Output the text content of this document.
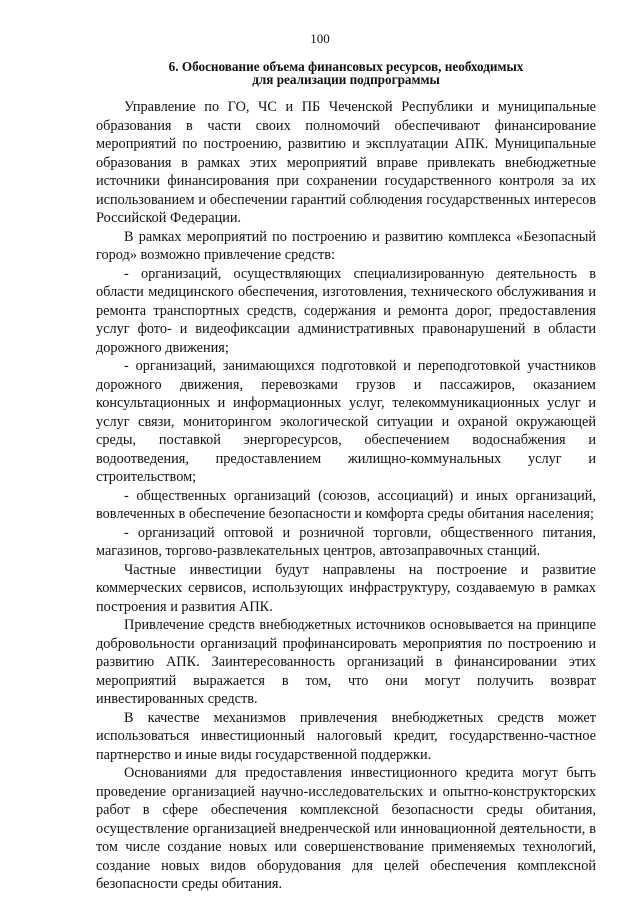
100
6. Обоснование объема финансовых ресурсов, необходимых
для реализации подпрограммы

Управление по ГО, ЧС и ПБ Чеченской Республики и муниципальные образования в части своих полномочий обеспечивают финансирование мероприятий по построению, развитию и эксплуатации АПК. Муниципальные образования в рамках этих мероприятий вправе привлекать внебюджетные источники финансирования при сохранении государственного контроля за их использованием и обеспечении гарантий соблюдения государственных интересов Российской Федерации.

В рамках мероприятий по построению и развитию комплекса «Безопасный город» возможно привлечение средств:

- организаций, осуществляющих специализированную деятельность в области медицинского обеспечения, изготовления, технического обслуживания и ремонта транспортных средств, содержания и ремонта дорог, предоставления услуг фото- и видеофиксации административных правонарушений в области дорожного движения;

- организаций, занимающихся подготовкой и переподготовкой участников дорожного движения, перевозками грузов и пассажиров, оказанием консультационных и информационных услуг, телекоммуникационных услуг и услуг связи, мониторингом экологической ситуации и охраной окружающей среды, поставкой энергоресурсов, обеспечением водоснабжения и водоотведения, предоставлением жилищно-коммунальных услуг и строительством;

- общественных организаций (союзов, ассоциаций) и иных организаций, вовлеченных в обеспечение безопасности и комфорта среды обитания населения;

- организаций оптовой и розничной торговли, общественного питания, магазинов, торгово-развлекательных центров, автозаправочных станций.

Частные инвестиции будут направлены на построение и развитие коммерческих сервисов, использующих инфраструктуру, создаваемую в рамках построения и развития АПК.

Привлечение средств внебюджетных источников основывается на принципе добровольности организаций профинансировать мероприятия по построению и развитию АПК. Заинтересованность организаций в финансировании этих мероприятий выражается в том, что они могут получить возврат инвестированных средств.

В качестве механизмов привлечения внебюджетных средств может использоваться инвестиционный налоговый кредит, государственно-частное партнерство и иные виды государственной поддержки.

Основаниями для предоставления инвестиционного кредита могут быть проведение организацией научно-исследовательских и опытно-конструкторских работ в сфере обеспечения комплексной безопасности среды обитания, осуществление организацией внедренческой или инновационной деятельности, в том числе создание новых или совершенствование применяемых технологий, создание новых видов оборудования для целей обеспечения комплексной безопасности среды обитания.
